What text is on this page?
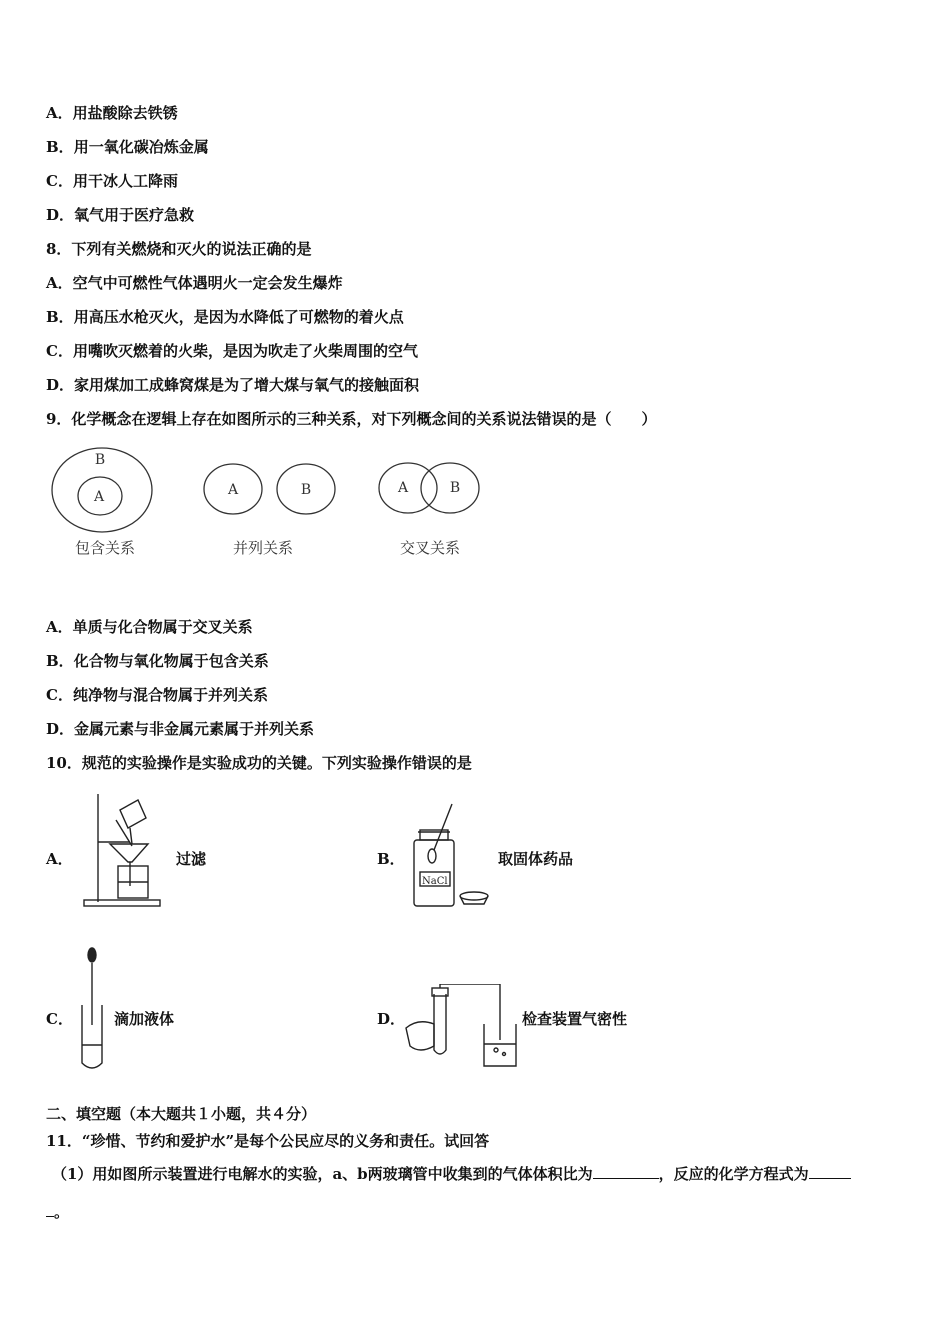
A．用盐酸除去铁锈
B．用一氧化碳冶炼金属
C．用干冰人工降雨
D．氧气用于医疗急救
8．下列有关燃烧和灭火的说法正确的是
A．空气中可燃性气体遇明火一定会发生爆炸
B．用高压水枪灭火，是因为水降低了可燃物的着火点
C．用嘴吹灭燃着的火柴，是因为吹走了火柴周围的空气
D．家用煤加工成蜂窝煤是为了增大煤与氧气的接触面积
9．化学概念在逻辑上存在如图所示的三种关系，对下列概念间的关系说法错误的是（　　）
B
A	A	B	A	B
包含关系	并列关系	交叉关系
A．单质与化合物属于交叉关系
B．化合物与氧化物属于包含关系
C．纯净物与混合物属于并列关系
D．金属元素与非金属元素属于并列关系
10．规范的实验操作是实验成功的关键。下列实验操作错误的是
A．	过滤	B．
NaCl
取固体药品
C．	滴加液体	D．	检查装置气密性
二、填空题（本大题共１小题，共４分）
11．“珍惜、节约和爱护水”是每个公民应尽的义务和责任。试回答
（1）用如图所示装置进行电解水的实验，a、b两玻璃管中收集到的气体体积比为	，反应的化学方程式为
。
